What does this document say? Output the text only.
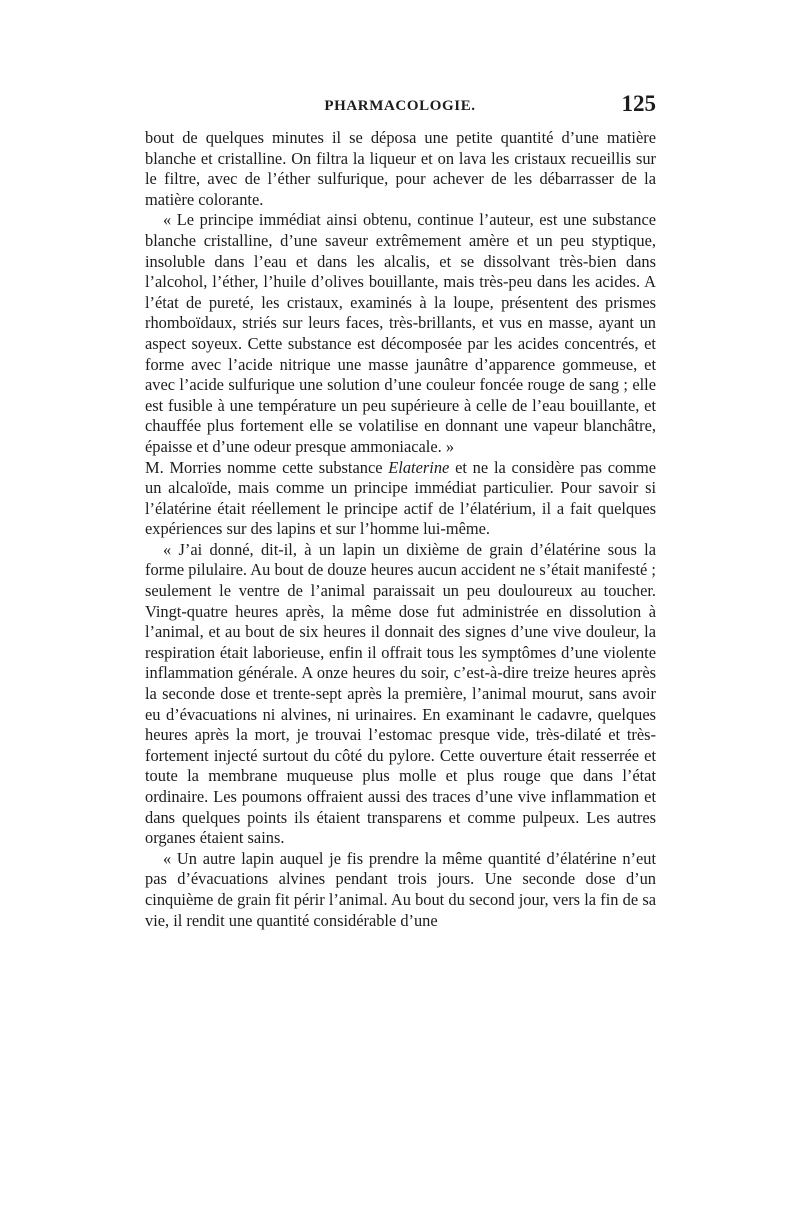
PHARMACOLOGIE.	125

bout de quelques minutes il se déposa une petite quantité d’une matière blanche et cristalline. On filtra la liqueur et on lava les cristaux recueillis sur le filtre, avec de l’éther sulfurique, pour achever de les débarrasser de la matière colorante.

« Le principe immédiat ainsi obtenu, continue l’auteur, est une substance blanche cristalline, d’une saveur extrêmement amère et un peu styptique, insoluble dans l’eau et dans les alcalis, et se dissolvant très-bien dans l’alcohol, l’éther, l’huile d’olives bouillante, mais très-peu dans les acides. A l’état de pureté, les cristaux, examinés à la loupe, présentent des prismes rhomboïdaux, striés sur leurs faces, très-brillants, et vus en masse, ayant un aspect soyeux. Cette substance est décomposée par les acides concentrés, et forme avec l’acide nitrique une masse jaunâtre d’apparence gommeuse, et avec l’acide sulfurique une solution d’une couleur foncée rouge de sang ; elle est fusible à une température un peu supérieure à celle de l’eau bouillante, et chauffée plus fortement elle se volatilise en donnant une vapeur blanchâtre, épaisse et d’une odeur presque ammoniacale. »

M. Morries nomme cette substance Elaterine et ne la considère pas comme un alcaloïde, mais comme un principe immédiat particulier. Pour savoir si l’élatérine était réellement le principe actif de l’élatérium, il a fait quelques expériences sur des lapins et sur l’homme lui-même.

« J’ai donné, dit-il, à un lapin un dixième de grain d’élatérine sous la forme pilulaire. Au bout de douze heures aucun accident ne s’était manifesté ; seulement le ventre de l’animal paraissait un peu douloureux au toucher. Vingt-quatre heures après, la même dose fut administrée en dissolution à l’animal, et au bout de six heures il donnait des signes d’une vive douleur, la respiration était laborieuse, enfin il offrait tous les symptômes d’une violente inflammation générale. A onze heures du soir, c’est-à-dire treize heures après la seconde dose et trente-sept après la première, l’animal mourut, sans avoir eu d’évacuations ni alvines, ni urinaires. En examinant le cadavre, quelques heures après la mort, je trouvai l’estomac presque vide, très-dilaté et très-fortement injecté surtout du côté du pylore. Cette ouverture était resserrée et toute la membrane muqueuse plus molle et plus rouge que dans l’état ordinaire. Les poumons offraient aussi des traces d’une vive inflammation et dans quelques points ils étaient transparens et comme pulpeux. Les autres organes étaient sains.

« Un autre lapin auquel je fis prendre la même quantité d’élatérine n’eut pas d’évacuations alvines pendant trois jours. Une seconde dose d’un cinquième de grain fit périr l’animal. Au bout du second jour, vers la fin de sa vie, il rendit une quantité considérable d’une
